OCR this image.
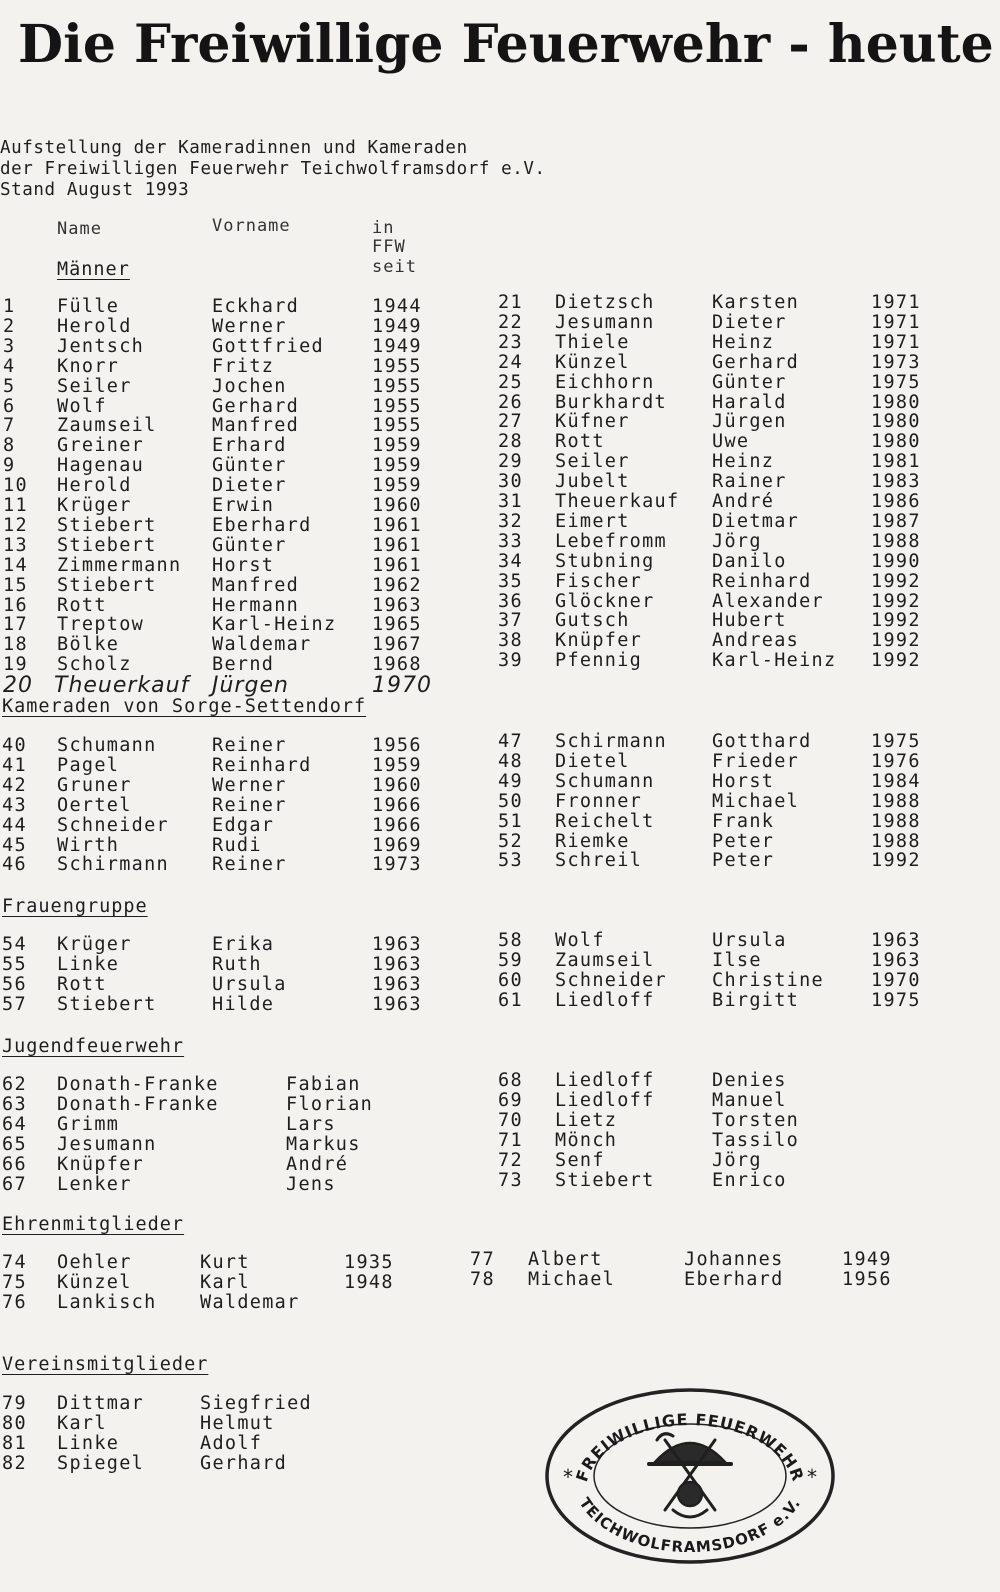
Die Freiwillige Feuerwehr - heute
Aufstellung der Kameradinnen und Kameraden
der Freiwilligen Feuerwehr Teichwolframsdorf e.V.
Stand August 1993
Name	Vorname	in
FFW
seit
Männer
Kameraden von Sorge-Settendorf
Frauengruppe
Jugendfeuerwehr
Ehrenmitglieder
Vereinsmitglieder
20 Theuerkauf Jürgen	1970
1 Fülle	Eckhard	1944
2 Herold	Werner	1949
3 Jentsch	Gottfried	1949
4 Knorr	Fritz	1955
5 Seiler	Jochen	1955
6 Wolf	Gerhard	1955
7 Zaumseil	Manfred	1955
8 Greiner	Erhard	1959
9 Hagenau	Günter	1959
10 Herold	Dieter	1959
11 Krüger	Erwin	1960
12 Stiebert	Eberhard	1961
13 Stiebert	Günter	1961
14 Zimmermann Horst	1961
15 Stiebert	Manfred	1962
16 Rott	Hermann	1963
17 Treptow	Karl-Heinz 1965
18 Bölke	Waldemar	1967
19 Scholz	Bernd	1968
21 Dietzsch	Karsten	1971
22 Jesumann	Dieter	1971
23 Thiele	Heinz	1971
24 Künzel	Gerhard	1973
25 Eichhorn	Günter	1975
26 Burkhardt Harald	1980
27 Küfner	Jürgen	1980
28 Rott	Uwe	1980
29 Seiler	Heinz	1981
30 Jubelt	Rainer	1983
31 Theuerkauf André	1986
32 Eimert	Dietmar	1987
33 Lebefromm Jörg	1988
34 Stubning	Danilo	1990
35 Fischer	Reinhard	1992
36 Glöckner	Alexander	1992
37 Gutsch	Hubert	1992
38 Knüpfer	Andreas	1992
39 Pfennig	Karl-Heinz 1992
40 Schumann	Reiner	1956
41 Pagel	Reinhard	1959
42 Gruner	Werner	1960
43 Oertel	Reiner	1966
44 Schneider Edgar	1966
45 Wirth	Rudi	1969
46 Schirmann Reiner	1973
47 Schirmann Gotthard	1975
48 Dietel	Frieder	1976
49 Schumann	Horst	1984
50 Fronner	Michael	1988
51 Reichelt	Frank	1988
52 Riemke	Peter	1988
53 Schreil	Peter	1992
54 Krüger	Erika	1963
55 Linke	Ruth	1963
56 Rott	Ursula	1963
57 Stiebert	Hilde	1963
58 Wolf	Ursula	1963
59 Zaumseil	Ilse	1963
60 Schneider Christine	1970
61 Liedloff	Birgitt	1975
62 Donath-Franke	Fabian
63 Donath-Franke	Florian
64 Grimm	Lars
65 Jesumann	Markus
66 Knüpfer	André
67 Lenker	Jens
68 Liedloff	Denies
69 Liedloff	Manuel
70 Lietz	Torsten
71 Mönch	Tassilo
72 Senf	Jörg
73 Stiebert	Enrico
74 Oehler	Kurt	1935
75 Künzel	Karl	1948
76 Lankisch Waldemar
77 Albert	Johannes	1949
78 Michael	Eberhard	1956
79 Dittmar	Siegfried
80 Karl	Helmut
81 Linke	Adolf
82 Spiegel	Gerhard
FREIWILLIGE FEUERWEHR
TEICHWOLFRAMSDORF e.V.
*	*
